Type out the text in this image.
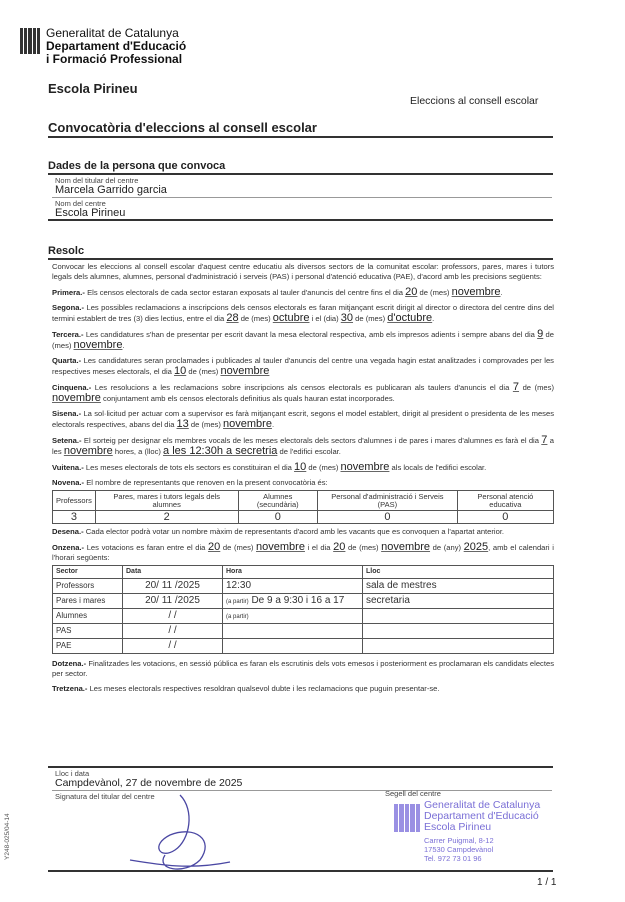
Generalitat de Catalunya
Departament d'Educació
i Formació Professional
Escola Pirineu
Eleccions al consell escolar
Convocatòria d'eleccions al consell escolar
Dades de la persona que convoca
Nom del titular del centre
Marcela Garrido garcia
Nom del centre
Escola Pirineu
Resolc

Convocar les eleccions al consell escolar d'aquest centre educatiu als diversos sectors de la comunitat escolar: professors, pares, mares i tutors legals dels alumnes, alumnes, personal d'administració i serveis (PAS) i personal d'atenció educativa (PAE), d'acord amb les precisions següents:

Primera.- Els censos electorals de cada sector estaran exposats al tauler d'anuncis del centre fins el dia 20 de (mes) novembre.

Segona.- Les possibles reclamacions a inscripcions dels censos electorals es faran mitjançant escrit dirigit al director o directora del centre dins del termini establert de tres (3) dies lectius, entre el dia 28 de (mes) octubre i el (dia) 30 de (mes) d'octubre.

Tercera.- Les candidatures s'han de presentar per escrit davant la mesa electoral respectiva, amb els impresos adients i sempre abans del dia 9 de (mes) novembre.

Quarta.- Les candidatures seran proclamades i publicades al tauler d'anuncis del centre una vegada hagin estat analitzades i comprovades per les respectives meses electorals, el dia 10 de (mes) novembre

Cinquena.- Les resolucions a les reclamacions sobre inscripcions als censos electorals es publicaran als taulers d'anuncis el dia 7 de (mes) novembre conjuntament amb els censos electorals definitius als quals hauran estat incorporades.

Sisena.- La sol·licitud per actuar com a supervisor es farà mitjançant escrit, segons el model establert, dirigit al president o presidenta de les meses electorals respectives, abans del dia 13 de (mes) novembre.

Setena.- El sorteig per designar els membres vocals de les meses electorals dels sectors d'alumnes i de pares i mares d'alumnes es farà el dia 7 a les novembre hores, a (lloc) a les 12:30h a secretria de l'edifici escolar.

Vuitena.- Les meses electorals de tots els sectors es constituiran el dia 10 de (mes) novembre als locals de l'edifici escolar.

Novena.- El nombre de representants que renoven en la present convocatòria és:

Professors	Pares, mares i tutors legals dels alumnes	Alumnes (secundària)	Personal d'administració i Serveis (PAS)	Personal atenció educativa
3	2	0	0	0

Desena.- Cada elector podrà votar un nombre màxim de representants d'acord amb les vacants que es convoquen a l'apartat anterior.

Onzena.- Les votacions es faran entre el dia 20 de (mes) novembre i el dia 20 de (mes) novembre de (any) 2025, amb el calendari i l'horari següents:

Sector	Data	Hora	Lloc
Professors	20/ 11 /2025	12:30	sala de mestres
Pares i mares	20/ 11 /2025	(a partir) De 9 a 9:30 i 16 a 17	secretaria
Alumnes	/ /	(a partir)	
PAS	/ /		
PAE	/ /		

Dotzena.- Finalitzades les votacions, en sessió pública es faran els escrutinis dels vots emesos i posteriorment es proclamaran els candidats electes per sector.

Tretzena.- Les meses electorals respectives resoldran qualsevol dubte i les reclamacions que puguin presentar-se.

Lloc i data
Campdevànol, 27 de novembre de 2025
Signatura del titular del centre	Segell del centre
Generalitat de Catalunya
Departament d'Educació
Escola Pirineu
Carrer Puigmal, 8-12
17530 Campdevànol
Tel. 972 73 01 96
1 / 1
Y248-025/04-14
